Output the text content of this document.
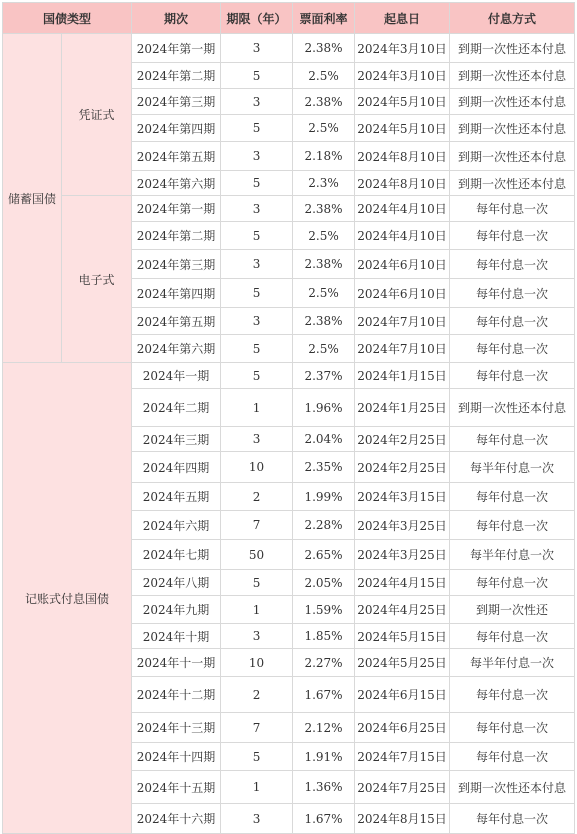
国债类型		期次	期限（年）	票面利率	起息日	付息方式
储蓄国债	凭证式	2024年第一期	3	2.38%	2024年3月10日	到期一次性还本付息
		2024年第二期	5	2.5%	2024年3月10日	到期一次性还本付息
		2024年第三期	3	2.38%	2024年5月10日	到期一次性还本付息
		2024年第四期	5	2.5%	2024年5月10日	到期一次性还本付息
		2024年第五期	3	2.18%	2024年8月10日	到期一次性还本付息
		2024年第六期	5	2.3%	2024年8月10日	到期一次性还本付息
	电子式	2024年第一期	3	2.38%	2024年4月10日	每年付息一次
		2024年第二期	5	2.5%	2024年4月10日	每年付息一次
		2024年第三期	3	2.38%	2024年6月10日	每年付息一次
		2024年第四期	5	2.5%	2024年6月10日	每年付息一次
		2024年第五期	3	2.38%	2024年7月10日	每年付息一次
		2024年第六期	5	2.5%	2024年7月10日	每年付息一次
记账式付息国债		2024年一期	5	2.37%	2024年1月15日	每年付息一次
		2024年二期	1	1.96%	2024年1月25日	到期一次性还本付息
		2024年三期	3	2.04%	2024年2月25日	每年付息一次
		2024年四期	10	2.35%	2024年2月25日	每半年付息一次
		2024年五期	2	1.99%	2024年3月15日	每年付息一次
		2024年六期	7	2.28%	2024年3月25日	每年付息一次
		2024年七期	50	2.65%	2024年3月25日	每半年付息一次
		2024年八期	5	2.05%	2024年4月15日	每年付息一次
		2024年九期	1	1.59%	2024年4月25日	到期一次性还
		2024年十期	3	1.85%	2024年5月15日	每年付息一次
		2024年十一期	10	2.27%	2024年5月25日	每半年付息一次
		2024年十二期	2	1.67%	2024年6月15日	每年付息一次
		2024年十三期	7	2.12%	2024年6月25日	每年付息一次
		2024年十四期	5	1.91%	2024年7月15日	每年付息一次
		2024年十五期	1	1.36%	2024年7月25日	到期一次性还本付息
		2024年十六期	3	1.67%	2024年8月15日	每年付息一次
